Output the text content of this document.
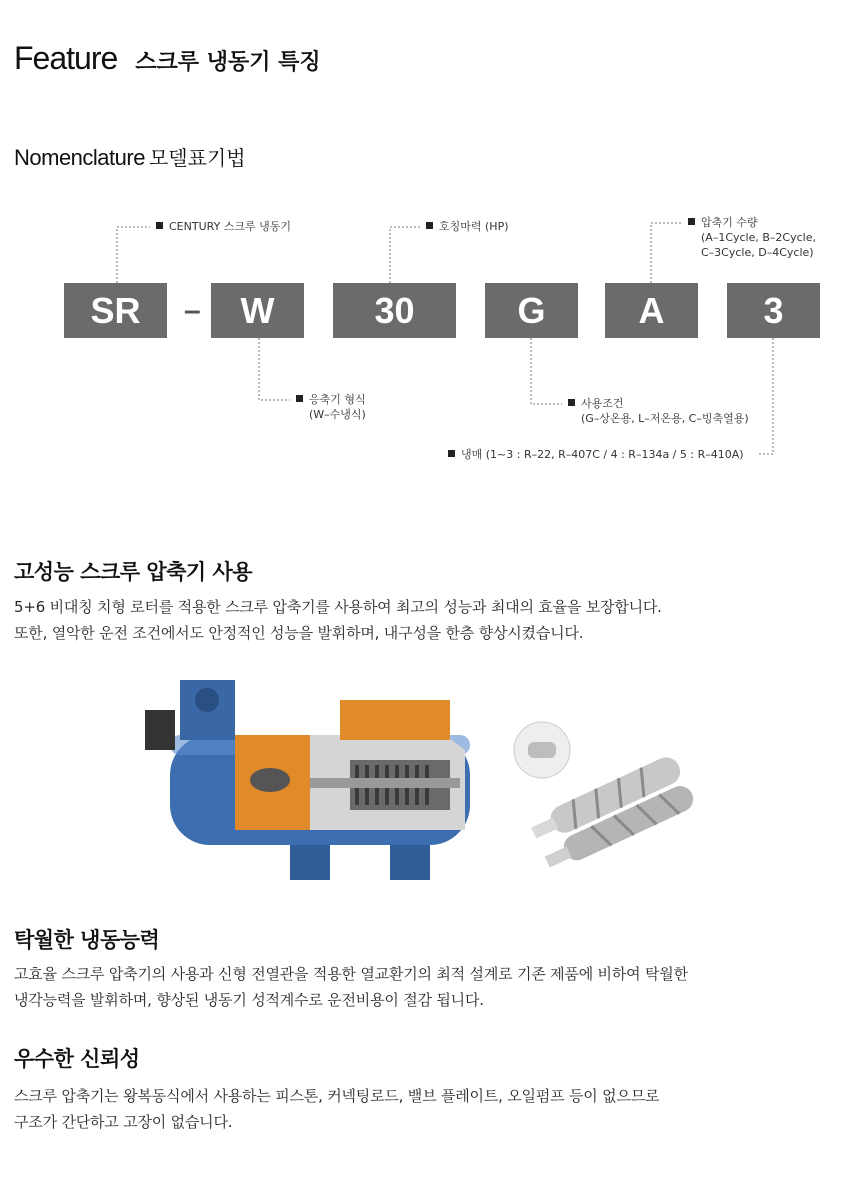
Feature 스크루 냉동기 특징
Nomenclature 모델표기법
SR	–	W	30	G	A	3
CENTURY 스크루 냉동기	호칭마력 (HP)	압축기 수량
(A–1Cycle, B–2Cycle,
C–3Cycle, D–4Cycle)
응축기 형식
(W–수냉식)
사용조건
(G–상온용, L–저온용, C–빙축열용)
냉매 (1~3 : R–22, R–407C / 4 : R–134a / 5 : R–410A)
고성능 스크루 압축기 사용
5+6 비대칭 치형 로터를 적용한 스크루 압축기를 사용하여 최고의 성능과 최대의 효율을 보장합니다.
또한, 열악한 운전 조건에서도 안정적인 성능을 발휘하며, 내구성을 한층 향상시켰습니다.
탁월한 냉동능력
고효율 스크루 압축기의 사용과 신형 전열관을 적용한 열교환기의 최적 설계로 기존 제품에 비하여 탁월한
냉각능력을 발휘하며, 향상된 냉동기 성적계수로 운전비용이 절감 됩니다.
우수한 신뢰성
스크루 압축기는 왕복동식에서 사용하는 피스톤, 커넥팅로드, 밸브 플레이트, 오일펌프 등이 없으므로
구조가 간단하고 고장이 없습니다.
